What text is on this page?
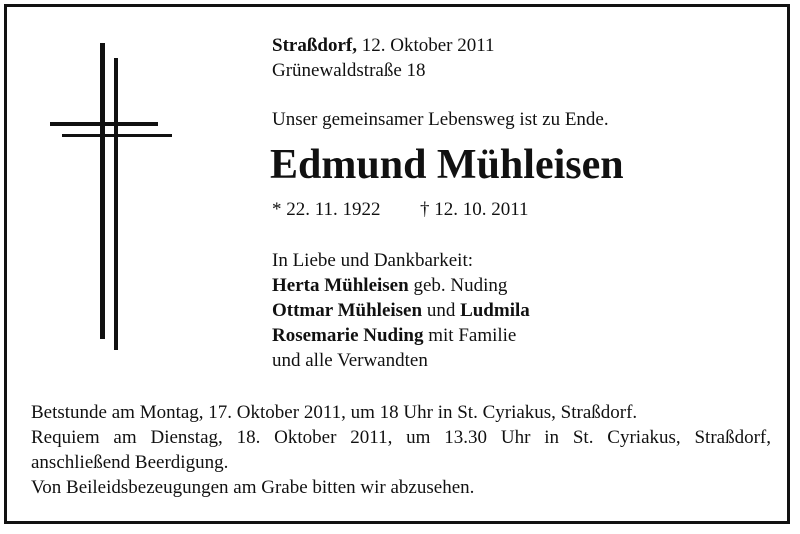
Straßdorf, 12. Oktober 2011
Grünewaldstraße 18
Unser gemeinsamer Lebensweg ist zu Ende.
Edmund Mühleisen
* 22. 11. 1922 † 12. 10. 2011
In Liebe und Dankbarkeit:
Herta Mühleisen geb. Nuding
Ottmar Mühleisen und Ludmila
Rosemarie Nuding mit Familie
und alle Verwandten
Betstunde am Montag, 17. Oktober 2011, um 18 Uhr in St. Cyriakus, Straßdorf.
Requiem am Dienstag, 18. Oktober 2011, um 13.30 Uhr in St. Cyriakus, Straßdorf,
anschließend Beerdigung.
Von Beileidsbezeugungen am Grabe bitten wir abzusehen.
